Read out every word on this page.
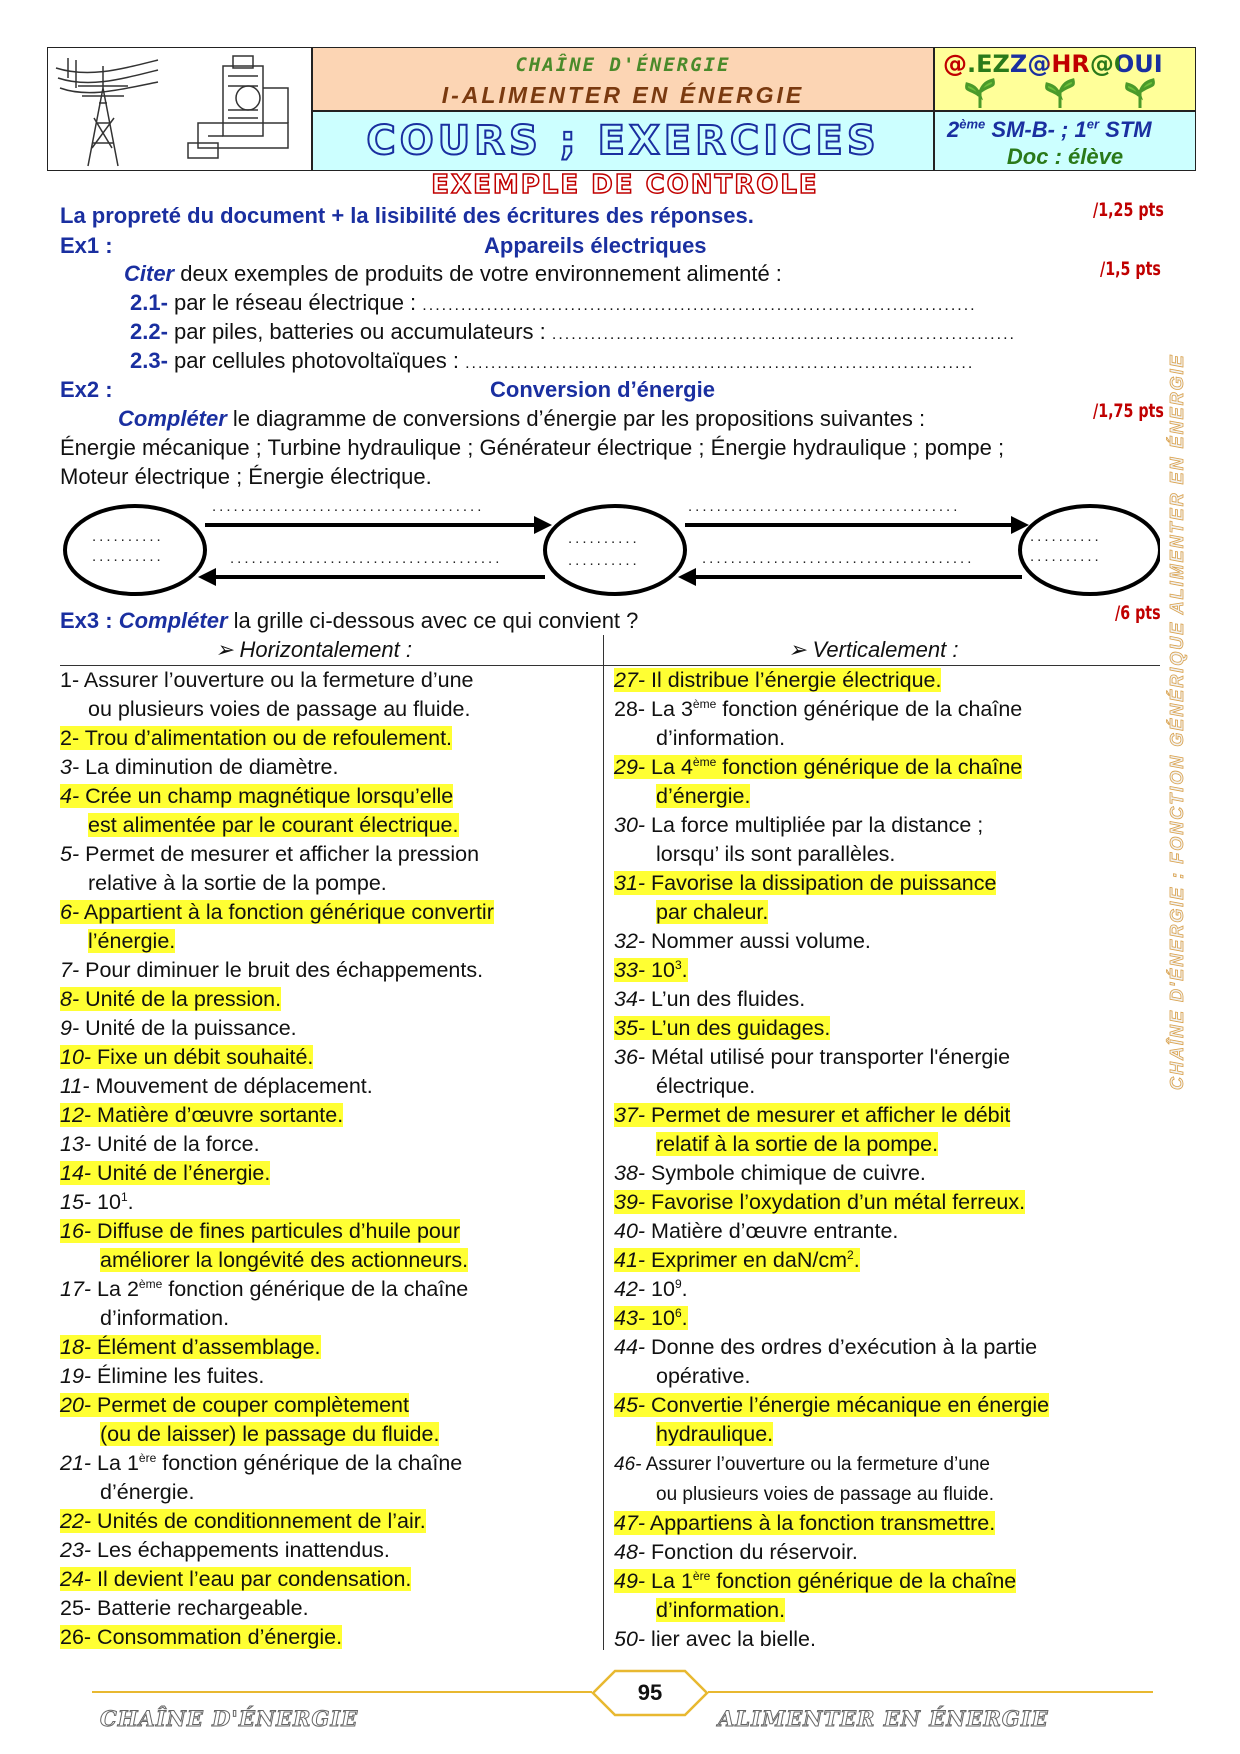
CHAÎNE D'ÉNERGIE
I-ALIMENTER EN ÉNERGIE
COURS ; EXERCICES
@.EZZ@HR@OUI
2ème SM-B- ; 1er STM
Doc : élève
EXEMPLE DE CONTROLE
La propreté du document + la lisibilité des écritures des réponses.	/1,25 pts
Ex1 :	Appareils électriques
Citer deux exemples de produits de votre environnement alimenté :	/1,5 pts
2.1- par le réseau électrique : ......................................................................................
2.2- par piles, batteries ou accumulateurs : ........................................................................
2.3- par cellules photovoltaïques : ...............................................................................
Ex2 :	Conversion d’énergie
Compléter le diagramme de conversions d’énergie par les propositions suivantes :	/1,75 pts
Énergie mécanique ; Turbine hydraulique ; Générateur électrique ; Énergie hydraulique ; pompe ;
Moteur électrique ; Énergie électrique.
..........
..........
..........
..........
..........
..........
......................................
......................................
......................................
......................................
Ex3 : Compléter la grille ci-dessous avec ce qui convient ?	/6 pts
➢ Horizontalement :	➢ Verticalement :
1- Assurer l’ouverture ou la fermeture d’une
ou plusieurs voies de passage au fluide.
2- Trou d’alimentation ou de refoulement.
3- La diminution de diamètre.
4- Crée un champ magnétique lorsqu’elle
est alimentée par le courant électrique.
5- Permet de mesurer et afficher la pression
relative à la sortie de la pompe.
6- Appartient à la fonction générique convertir
l’énergie.
7- Pour diminuer le bruit des échappements.
8- Unité de la pression.
9- Unité de la puissance.
10- Fixe un débit souhaité.
11- Mouvement de déplacement.
12- Matière d’œuvre sortante.
13- Unité de la force.
14- Unité de l’énergie.
15- $10^1$.
16- Diffuse de fines particules d’huile pour
améliorer la longévité des actionneurs.
17- La 2ème fonction générique de la chaîne
d’information.
18- Élément d’assemblage.
19- Élimine les fuites.
20- Permet de couper complètement
(ou de laisser) le passage du fluide.
21- La 1ère fonction générique de la chaîne
d’énergie.
22- Unités de conditionnement de l’air.
23- Les échappements inattendus.
24- Il devient l’eau par condensation.
25- Batterie rechargeable.
26- Consommation d’énergie.
27- Il distribue l’énergie électrique.
28- La 3ème fonction générique de la chaîne
d’information.
29- La 4ème fonction générique de la chaîne
d’énergie.
30- La force multipliée par la distance ;
lorsqu’ ils sont parallèles.
31- Favorise la dissipation de puissance
par chaleur.
32- Nommer aussi volume.
33- $10^3$.
34- L’un des fluides.
35- L’un des guidages.
36- Métal utilisé pour transporter l'énergie
électrique.
37- Permet de mesurer et afficher le débit
relatif à la sortie de la pompe.
38- Symbole chimique de cuivre.
39- Favorise l’oxydation d’un métal ferreux.
40- Matière d’œuvre entrante.
41- Exprimer en daN/$cm^2$.
42- $10^9$.
43- $10^6$.
44- Donne des ordres d’exécution à la partie
opérative.
45- Convertie l’énergie mécanique en énergie
hydraulique.
46- Assurer l’ouverture ou la fermeture d’une
ou plusieurs voies de passage au fluide.
47- Appartiens à la fonction transmettre.
48- Fonction du réservoir.
49- La 1ère fonction générique de la chaîne
d’information.
50- lier avec la bielle.
CHAÎNE D'ÉNERGIE : FONCTION GÉNÉRIQUE ALIMENTER EN ÉNERGIE
95
CHAÎNE D'ÉNERGIE	ALIMENTER EN ÉNERGIE
